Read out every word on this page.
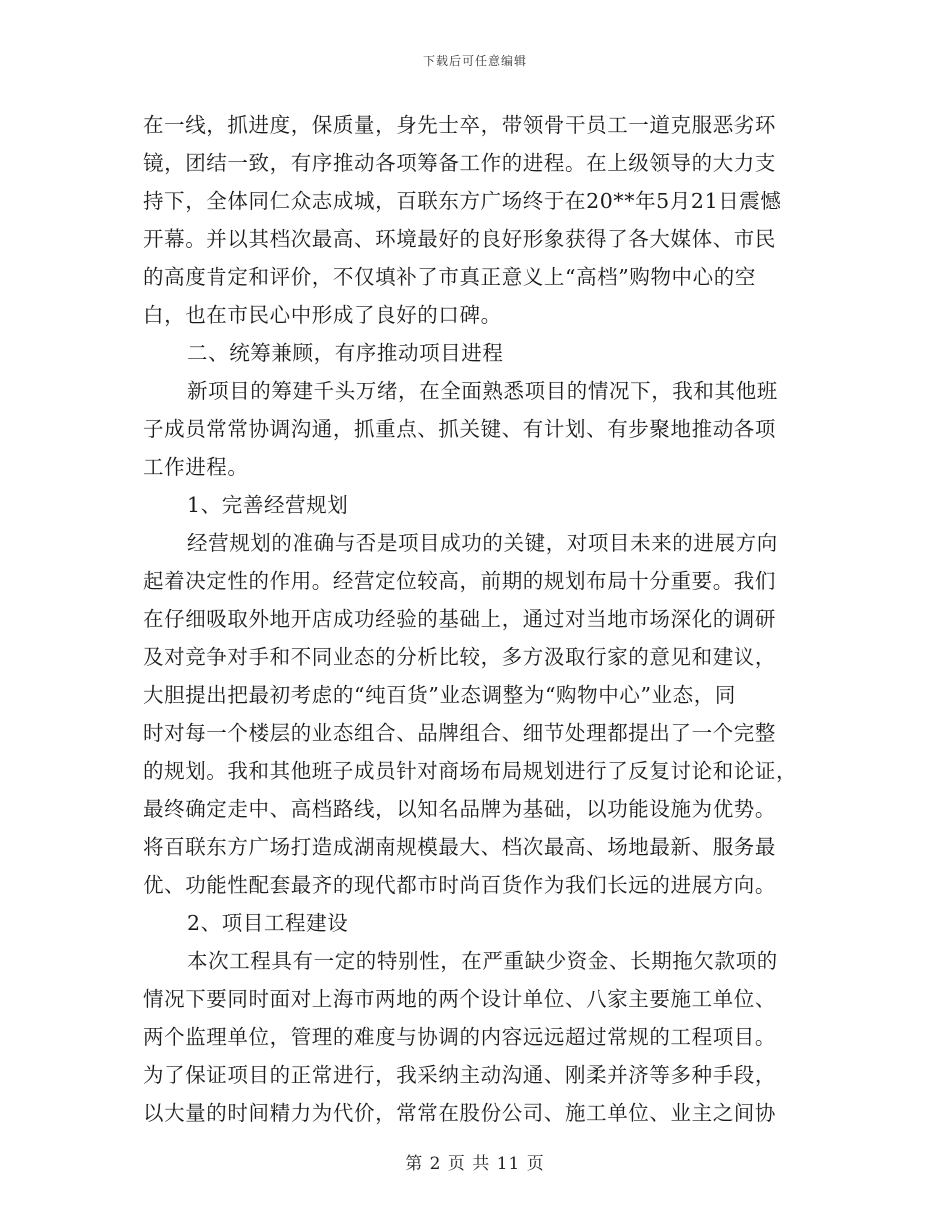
下载后可任意编辑
在一线，抓进度，保质量，身先士卒，带领骨干员工一道克服恶劣环
镜，团结一致，有序推动各项筹备工作的进程。在上级领导的大力支
持下，全体同仁众志成城，百联东方广场终于在20**年5月21日震憾
开幕。并以其档次最高、环境最好的良好形象获得了各大媒体、市民
的高度肯定和评价，不仅填补了市真正意义上“高档”购物中心的空
白，也在市民心中形成了良好的口碑。
二、统筹兼顾，有序推动项目进程
新项目的筹建千头万绪，在全面熟悉项目的情况下，我和其他班
子成员常常协调沟通，抓重点、抓关键、有计划、有步聚地推动各项
工作进程。
1、完善经营规划
经营规划的准确与否是项目成功的关键，对项目未来的进展方向
起着决定性的作用。经营定位较高，前期的规划布局十分重要。我们
在仔细吸取外地开店成功经验的基础上，通过对当地市场深化的调研
及对竞争对手和不同业态的分析比较，多方汲取行家的意见和建议，
大胆提出把最初考虑的“纯百货”业态调整为“购物中心”业态，同
时对每一个楼层的业态组合、品牌组合、细节处理都提出了一个完整
的规划。我和其他班子成员针对商场布局规划进行了反复讨论和论证，
最终确定走中、高档路线，以知名品牌为基础，以功能设施为优势。
将百联东方广场打造成湖南规模最大、档次最高、场地最新、服务最
优、功能性配套最齐的现代都市时尚百货作为我们长远的进展方向。
2、项目工程建设
本次工程具有一定的特别性，在严重缺少资金、长期拖欠款项的
情况下要同时面对上海市两地的两个设计单位、八家主要施工单位、
两个监理单位，管理的难度与协调的内容远远超过常规的工程项目。
为了保证项目的正常进行，我采纳主动沟通、刚柔并济等多种手段，
以大量的时间精力为代价，常常在股份公司、施工单位、业主之间协
第 2 页 共 11 页
